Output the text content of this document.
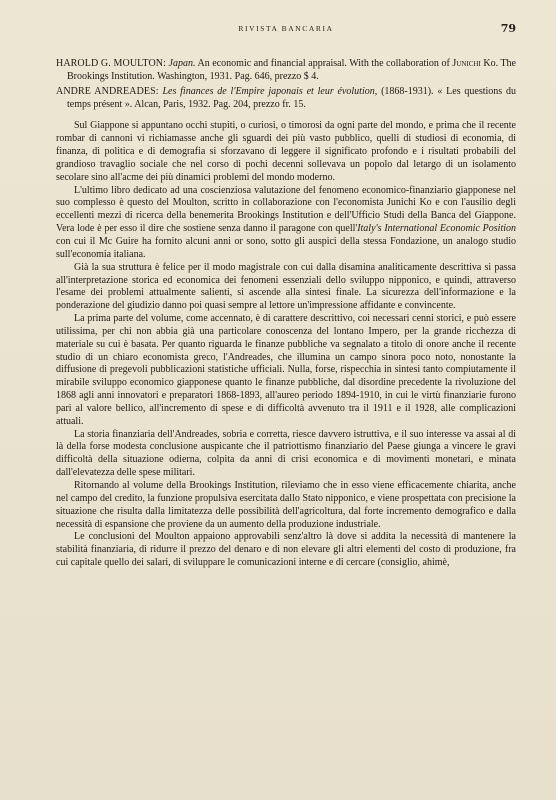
RIVISTA BANCARIA	79

HAROLD G. MOULTON: Japan. An economic and financial appraisal. With the collaboration of Junichi Ko. The Brookings Institution. Washington, 1931. Pag. 646, prezzo $ 4.

ANDRE ANDREADES: Les finances de l'Empire japonais et leur évolution, (1868-1931). « Les questions du temps présent ». Alcan, Paris, 1932. Pag. 204, prezzo fr. 15.

Sul Giappone si appuntano occhi stupiti, o curiosi, o timorosi da ogni parte del mondo, e prima che il recente rombar di cannoni vi richiamasse anche gli sguardi dei più vasto pubblico, quelli di studiosi di economia, di finanza, di politica e di demografia si sforzavano di leggere il significato profondo e i risultati probabili del grandioso travaglio sociale che nel corso di pochi decenni sollevava un popolo dal letargo di un isolamento secolare sino all'acme dei più dinamici problemi del mondo moderno.

L'ultimo libro dedicato ad una coscienziosa valutazione del fenomeno economico-finanziario giapponese nel suo complesso è questo del Moulton, scritto in collaborazione con l'economista Junichi Ko e con l'ausilio degli eccellenti mezzi di ricerca della benemerita Brookings Institution e dell'Ufficio Studi della Banca del Giappone. Vera lode è per esso il dire che sostiene senza danno il paragone con quell'Italy's International Economic Position con cui il Mc Guire ha fornito alcuni anni or sono, sotto gli auspici della stessa Fondazione, un analogo studio sull'economia italiana.

Già la sua struttura è felice per il modo magistrale con cui dalla disamina analiticamente descrittiva si passa all'interpretazione storica ed economica dei fenomeni essenziali dello sviluppo nipponico, e quindi, attraverso l'esame dei problemi attualmente salienti, si ascende alla sintesi finale. La sicurezza dell'informazione e la ponderazione del giudizio danno poi quasi sempre al lettore un'impressione affidante e convincente.

La prima parte del volume, come accennato, è di carattere descrittivo, coi necessari cenni storici, e può essere utilissima, per chi non abbia già una particolare conoscenza del lontano Impero, per la grande ricchezza di materiale su cui è basata. Per quanto riguarda le finanze pubbliche va segnalato a titolo di onore anche il recente studio di un chiaro economista greco, l'Andreades, che illumina un campo sinora poco noto, nonostante la diffusione di pregevoli pubblicazioni statistiche ufficiali. Nulla, forse, rispecchia in sintesi tanto compiutamente il mirabile sviluppo economico giapponese quanto le finanze pubbliche, dal disordine precedente la rivoluzione del 1868 agli anni innovatori e preparatori 1868-1893, all'aureo periodo 1894-1910, in cui le virtù finanziarie furono pari al valore bellico, all'incremento di spese e di difficoltà avvenuto tra il 1911 e il 1928, alle complicazioni attuali.

La storia finanziaria dell'Andreades, sobria e corretta, riesce davvero istruttiva, e il suo interesse va assai al di là della forse modesta conclusione auspicante che il patriottismo finanziario del Paese giunga a vincere le gravi difficoltà della situazione odierna, colpita da anni di crisi economica e di movimenti monetari, e minata dall'elevatezza delle spese militari.

Ritornando al volume della Brookings Institution, rileviamo che in esso viene efficacemente chiarita, anche nel campo del credito, la funzione propulsiva esercitata dallo Stato nipponico, e viene prospettata con precisione la situazione che risulta dalla limitatezza delle possibilità dell'agricoltura, dal forte incremento demografico e dalla necessità di espansione che proviene da un aumento della produzione industriale.

Le conclusioni del Moulton appaiono approvabili senz'altro là dove si addita la necessità di mantenere la stabilità finanziaria, di ridurre il prezzo del denaro e di non elevare gli altri elementi del costo di produzione, fra cui capitale quello dei salari, di sviluppare le comunicazioni interne e di cercare (consiglio, ahimè,
